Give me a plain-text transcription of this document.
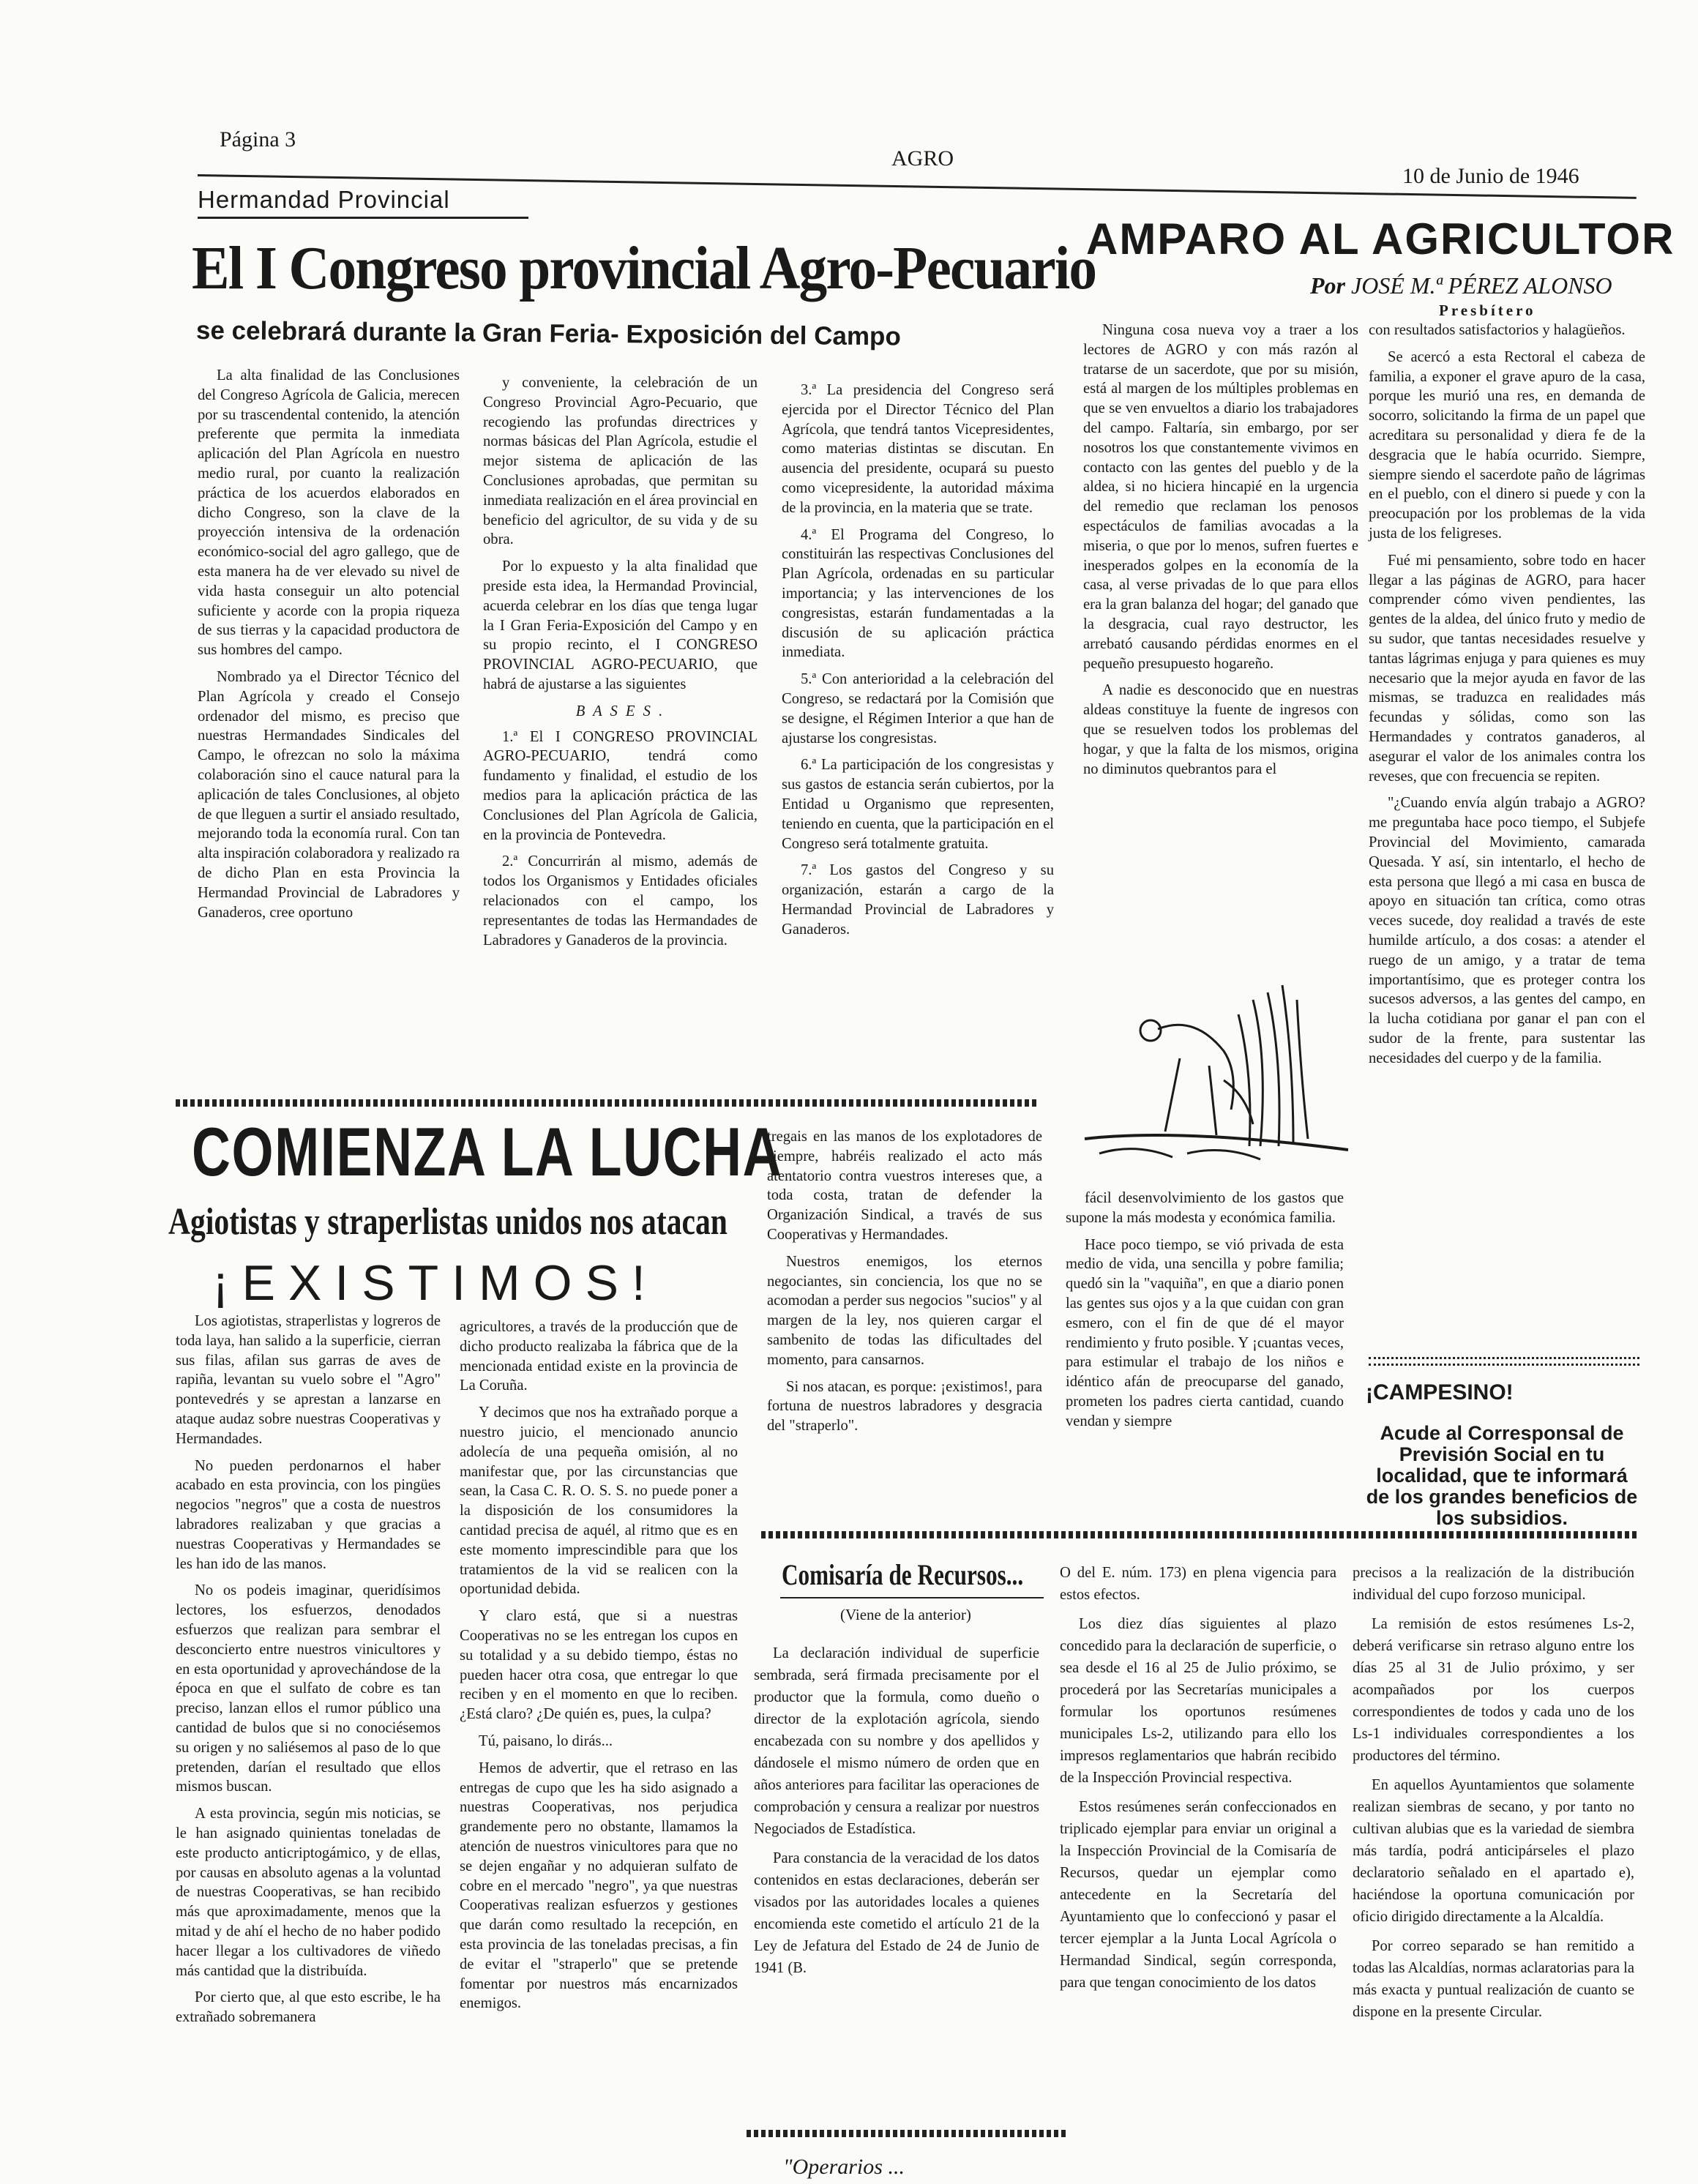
Página 3
AGRO
10 de Junio de 1946
Hermandad Provincial
El I Congreso provincial Agro-Pecuario
se celebrará durante la Gran Feria- Exposición del Campo

La alta finalidad de las Conclusiones del Congreso Agrícola de Galicia, merecen por su trascendental contenido, la atención preferente que permita la inmediata aplicación del Plan Agrícola en nuestro medio rural, por cuanto la realización práctica de los acuerdos elaborados en dicho Congreso, son la clave de la proyección intensiva de la ordenación económico-social del agro gallego, que de esta manera ha de ver elevado su nivel de vida hasta conseguir un alto potencial suficiente y acorde con la propia riqueza de sus tierras y la capacidad productora de sus hombres del campo.

Nombrado ya el Director Técnico del Plan Agrícola y creado el Consejo ordenador del mismo, es preciso que nuestras Hermandades Sindicales del Campo, le ofrezcan no solo la máxima colaboración sino el cauce natural para la aplicación de tales Conclusiones, al objeto de que lleguen a surtir el ansiado resultado, mejorando toda la economía rural. Con tan alta inspiración colaboradora y realizado ra de dicho Plan en esta Provincia la Hermandad Provincial de Labradores y Ganaderos, cree oportuno

y conveniente, la celebración de un Congreso Provincial Agro-Pecuario, que recogiendo las profundas directrices y normas básicas del Plan Agrícola, estudie el mejor sistema de aplicación de las Conclusiones aprobadas, que permitan su inmediata realización en el área provincial en beneficio del agricultor, de su vida y de su obra.

Por lo expuesto y la alta finalidad que preside esta idea, la Hermandad Provincial, acuerda celebrar en los días que tenga lugar la I Gran Feria-Exposición del Campo y en su propio recinto, el I CONGRESO PROVINCIAL AGRO-PECUARIO, que habrá de ajustarse a las siguientes

B A S E S .

1.ª El I CONGRESO PROVINCIAL AGRO-PECUARIO, tendrá como fundamento y finalidad, el estudio de los medios para la aplicación práctica de las Conclusiones del Plan Agrícola de Galicia, en la provincia de Pontevedra.

2.ª Concurrirán al mismo, además de todos los Organismos y Entidades oficiales relacionados con el campo, los representantes de todas las Hermandades de Labradores y Ganaderos de la provincia.

3.ª La presidencia del Congreso será ejercida por el Director Técnico del Plan Agrícola, que tendrá tantos Vicepresidentes, como materias distintas se discutan. En ausencia del presidente, ocupará su puesto como vicepresidente, la autoridad máxima de la provincia, en la materia que se trate.

4.ª El Programa del Congreso, lo constituirán las respectivas Conclusiones del Plan Agrícola, ordenadas en su particular importancia; y las intervenciones de los congresistas, estarán fundamentadas a la discusión de su aplicación práctica inmediata.

5.ª Con anterioridad a la celebración del Congreso, se redactará por la Comisión que se designe, el Régimen Interior a que han de ajustarse los congresistas.

6.ª La participación de los congresistas y sus gastos de estancia serán cubiertos, por la Entidad u Organismo que representen, teniendo en cuenta, que la participación en el Congreso será totalmente gratuita.

7.ª Los gastos del Congreso y su organización, estarán a cargo de la Hermandad Provincial de Labradores y Ganaderos.

AMPARO AL AGRICULTOR
Por JOSÉ M.ª PÉREZ ALONSO
Presbítero

Ninguna cosa nueva voy a traer a los lectores de AGRO y con más razón al tratarse de un sacerdote, que por su misión, está al margen de los múltiples problemas en que se ven envueltos a diario los trabajadores del campo. Faltaría, sin embargo, por ser nosotros los que constantemente vivimos en contacto con las gentes del pueblo y de la aldea, si no hiciera hincapié en la urgencia del remedio que reclaman los penosos espectáculos de familias avocadas a la miseria, o que por lo menos, sufren fuertes e inesperados golpes en la economía de la casa, al verse privadas de lo que para ellos era la gran balanza del hogar; del ganado que la desgracia, cual rayo destructor, les arrebató causando pérdidas enormes en el pequeño presupuesto hogareño.

A nadie es desconocido que en nuestras aldeas constituye la fuente de ingresos con que se resuelven todos los problemas del hogar, y que la falta de los mismos, origina no diminutos quebrantos para el

fácil desenvolvimiento de los gastos que supone la más modesta y económica familia.

Hace poco tiempo, se vió privada de esta medio de vida, una sencilla y pobre familia; quedó sin la "vaquiña", en que a diario ponen las gentes sus ojos y a la que cuidan con gran esmero, con el fin de que dé el mayor rendimiento y fruto posible. Y ¡cuantas veces, para estimular el trabajo de los niños e idéntico afán de preocuparse del ganado, prometen los padres cierta cantidad, cuando vendan y siempre

con resultados satisfactorios y halagüeños.

Se acercó a esta Rectoral el cabeza de familia, a exponer el grave apuro de la casa, porque les murió una res, en demanda de socorro, solicitando la firma de un papel que acreditara su personalidad y diera fe de la desgracia que le había ocurrido. Siempre, siempre siendo el sacerdote paño de lágrimas en el pueblo, con el dinero si puede y con la preocupación por los problemas de la vida justa de los feligreses.

Fué mi pensamiento, sobre todo en hacer llegar a las páginas de AGRO, para hacer comprender cómo viven pendientes, las gentes de la aldea, del único fruto y medio de su sudor, que tantas necesidades resuelve y tantas lágrimas enjuga y para quienes es muy necesario que la mejor ayuda en favor de las mismas, se traduzca en realidades más fecundas y sólidas, como son las Hermandades y contratos ganaderos, al asegurar el valor de los animales contra los reveses, que con frecuencia se repiten.

"¿Cuando envía algún trabajo a AGRO? me preguntaba hace poco tiempo, el Subjefe Provincial del Movimiento, camarada Quesada. Y así, sin intentarlo, el hecho de esta persona que llegó a mi casa en busca de apoyo en situación tan crítica, como otras veces sucede, doy realidad a través de este humilde artículo, a dos cosas: a atender el ruego de un amigo, y a tratar de tema importantísimo, que es proteger contra los sucesos adversos, a las gentes del campo, en la lucha cotidiana por ganar el pan con el sudor de la frente, para sustentar las necesidades del cuerpo y de la familia.

¡CAMPESINO!
Acude al Corresponsal de Previsión Social en tu localidad, que te informará de los grandes beneficios de los subsidios.
COMIENZA LA LUCHA
Agiotistas y straperlistas unidos nos atacan
¡EXISTIMOS!

Los agiotistas, straperlistas y logreros de toda laya, han salido a la superficie, cierran sus filas, afilan sus garras de aves de rapiña, levantan su vuelo sobre el "Agro" pontevedrés y se aprestan a lanzarse en ataque audaz sobre nuestras Cooperativas y Hermandades.

No pueden perdonarnos el haber acabado en esta provincia, con los pingües negocios "negros" que a costa de nuestros labradores realizaban y que gracias a nuestras Cooperativas y Hermandades se les han ido de las manos.

No os podeis imaginar, queridísimos lectores, los esfuerzos, denodados esfuerzos que realizan para sembrar el desconcierto entre nuestros vinicultores y en esta oportunidad y aprovechándose de la época en que el sulfato de cobre es tan preciso, lanzan ellos el rumor público una cantidad de bulos que si no conociésemos su origen y no saliésemos al paso de lo que pretenden, darían el resultado que ellos mismos buscan.

A esta provincia, según mis noticias, se le han asignado quinientas toneladas de este producto anticriptogámico, y de ellas, por causas en absoluto agenas a la voluntad de nuestras Cooperativas, se han recibido más que aproximadamente, menos que la mitad y de ahí el hecho de no haber podido hacer llegar a los cultivadores de viñedo más cantidad que la distribuída.

Por cierto que, al que esto escribe, le ha extrañado sobremanera

agricultores, a través de la producción que de dicho producto realizaba la fábrica que de la mencionada entidad existe en la provincia de La Coruña.

Y decimos que nos ha extrañado porque a nuestro juicio, el mencionado anuncio adolecía de una pequeña omisión, al no manifestar que, por las circunstancias que sean, la Casa C. R. O. S. S. no puede poner a la disposición de los consumidores la cantidad precisa de aquél, al ritmo que es en este momento imprescindible para que los tratamientos de la vid se realicen con la oportunidad debida.

Y claro está, que si a nuestras Cooperativas no se les entregan los cupos en su totalidad y a su debido tiempo, éstas no pueden hacer otra cosa, que entregar lo que reciben y en el momento en que lo reciben. ¿Está claro? ¿De quién es, pues, la culpa?

Tú, paisano, lo dirás...

Hemos de advertir, que el retraso en las entregas de cupo que les ha sido asignado a nuestras Cooperativas, nos perjudica grandemente pero no obstante, llamamos la atención de nuestros vinicultores para que no se dejen engañar y no adquieran sulfato de cobre en el mercado "negro", ya que nuestras Cooperativas realizan esfuerzos y gestiones que darán como resultado la recepción, en esta provincia de las toneladas precisas, a fin de evitar el "straperlo" que se pretende fomentar por nuestros más encarnizados enemigos.

tregais en las manos de los explotadores de siempre, habréis realizado el acto más atentatorio contra vuestros intereses que, a toda costa, tratan de defender la Organización Sindical, a través de sus Cooperativas y Hermandades.

Nuestros enemigos, los eternos negociantes, sin conciencia, los que no se acomodan a perder sus negocios "sucios" y al margen de la ley, nos quieren cargar el sambenito de todas las dificultades del momento, para cansarnos.

Si nos atacan, es porque: ¡existimos!, para fortuna de nuestros labradores y desgracia del "straperlo".

Comisaría de Recursos...
(Viene de la anterior)

La declaración individual de superficie sembrada, será firmada precisamente por el productor que la formula, como dueño o director de la explotación agrícola, siendo encabezada con su nombre y dos apellidos y dándosele el mismo número de orden que en años anteriores para facilitar las operaciones de comprobación y censura a realizar por nuestros Negociados de Estadística.

Para constancia de la veracidad de los datos contenidos en estas declaraciones, deberán ser visados por las autoridades locales a quienes encomienda este cometido el artículo 21 de la Ley de Jefatura del Estado de 24 de Junio de 1941 (B.

O del E. núm. 173) en plena vigencia para estos efectos.

Los diez días siguientes al plazo concedido para la declaración de superficie, o sea desde el 16 al 25 de Julio próximo, se procederá por las Secretarías municipales a formular los oportunos resúmenes municipales Ls-2, utilizando para ello los impresos reglamentarios que habrán recibido de la Inspección Provincial respectiva.

Estos resúmenes serán confeccionados en triplicado ejemplar para enviar un original a la Inspección Provincial de la Comisaría de Recursos, quedar un ejemplar como antecedente en la Secretaría del Ayuntamiento que lo confeccionó y pasar el tercer ejemplar a la Junta Local Agrícola o Hermandad Sindical, según corresponda, para que tengan conocimiento de los datos

precisos a la realización de la distribución individual del cupo forzoso municipal.

La remisión de estos resúmenes Ls-2, deberá verificarse sin retraso alguno entre los días 25 al 31 de Julio próximo, y ser acompañados por los cuerpos correspondientes de todos y cada uno de los Ls-1 individuales correspondientes a los productores del término.

En aquellos Ayuntamientos que solamente realizan siembras de secano, y por tanto no cultivan alubias que es la variedad de siembra más tardía, podrá anticipárseles el plazo declaratorio señalado en el apartado e), haciéndose la oportuna comunicación por oficio dirigido directamente a la Alcaldía.

Por correo separado se han remitido a todas las Alcaldías, normas aclaratorias para la más exacta y puntual realización de cuanto se dispone en la presente Circular.

"Operarios ...
